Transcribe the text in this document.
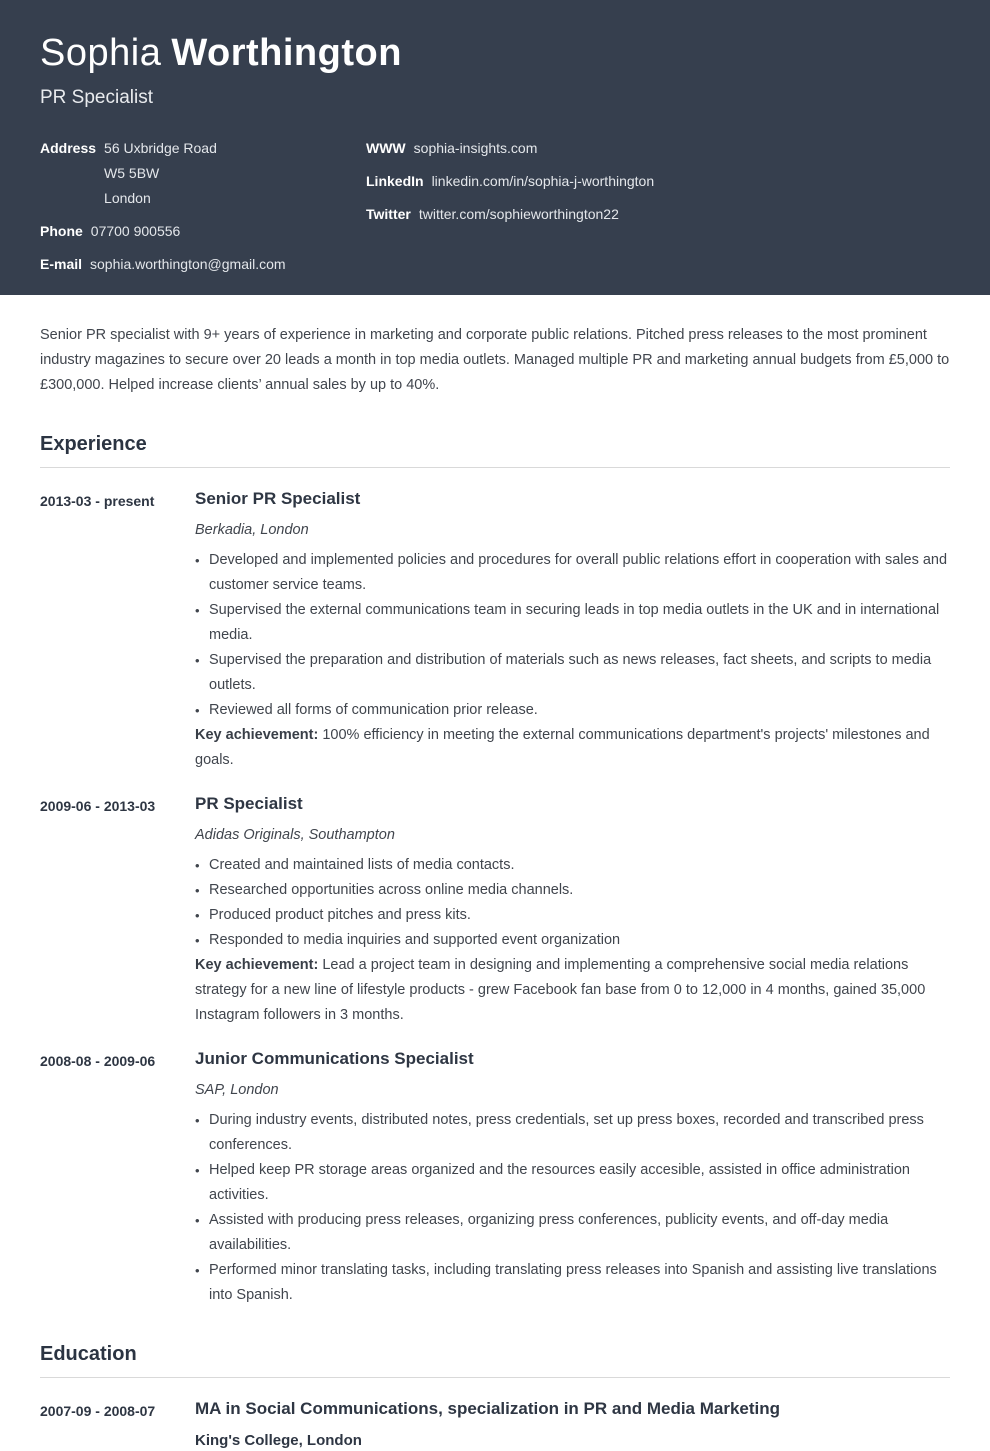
Sophia Worthington
PR Specialist
Address 56 Uxbridge Road
W5 5BW
London
Phone 07700 900556
E-mail sophia.worthington@gmail.com
WWW sophia-insights.com
LinkedIn linkedin.com/in/sophia-j-worthington
Twitter twitter.com/sophieworthington22

Senior PR specialist with 9+ years of experience in marketing and corporate public relations. Pitched press releases to the most prominent industry magazines to secure over 20 leads a month in top media outlets. Managed multiple PR and marketing annual budgets from £5,000 to £300,000. Helped increase clients’ annual sales by up to 40%.

Experience
2013-03 - present	Senior PR Specialist

Berkadia, London

• Developed and implemented policies and procedures for overall public relations effort in cooperation with sales and customer service teams.
• Supervised the external communications team in securing leads in top media outlets in the UK and in international media.
• Supervised the preparation and distribution of materials such as news releases, fact sheets, and scripts to media outlets.
• Reviewed all forms of communication prior release.

Key achievement: 100% efficiency in meeting the external communications department's projects' milestones and goals.

2009-06 - 2013-03	PR Specialist

Adidas Originals, Southampton

• Created and maintained lists of media contacts.
• Researched opportunities across online media channels.
• Produced product pitches and press kits.
• Responded to media inquiries and supported event organization

Key achievement: Lead a project team in designing and implementing a comprehensive social media relations strategy for a new line of lifestyle products - grew Facebook fan base from 0 to 12,000 in 4 months, gained 35,000 Instagram followers in 3 months.

2008-08 - 2009-06	Junior Communications Specialist

SAP, London

• During industry events, distributed notes, press credentials, set up press boxes, recorded and transcribed press conferences.
• Helped keep PR storage areas organized and the resources easily accesible, assisted in office administration activities.
• Assisted with producing press releases, organizing press conferences, publicity events, and off-day media availabilities.
• Performed minor translating tasks, including translating press releases into Spanish and assisting live translations into Spanish.
Education
2007-09 - 2008-07	MA in Social Communications, specialization in PR and Media Marketing

King's College, London
